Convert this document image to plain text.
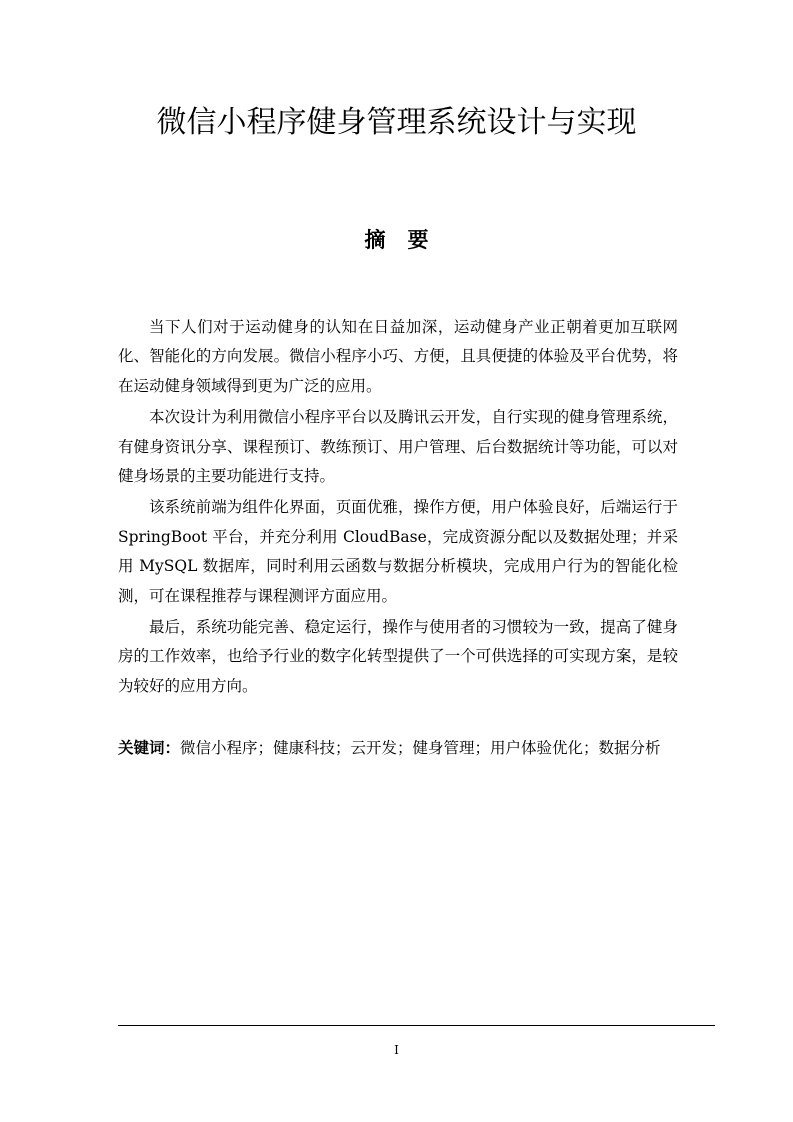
微信小程序健身管理系统设计与实现
摘 要

当下人们对于运动健身的认知在日益加深，运动健身产业正朝着更加互联网化、智能化的方向发展。微信小程序小巧、方便，且具便捷的体验及平台优势，将在运动健身领域得到更为广泛的应用。

本次设计为利用微信小程序平台以及腾讯云开发，自行实现的健身管理系统，有健身资讯分享、课程预订、教练预订、用户管理、后台数据统计等功能，可以对健身场景的主要功能进行支持。

该系统前端为组件化界面，页面优雅，操作方便，用户体验良好，后端运行于 SpringBoot 平台，并充分利用 CloudBase，完成资源分配以及数据处理；并采用 MySQL 数据库，同时利用云函数与数据分析模块，完成用户行为的智能化检测，可在课程推荐与课程测评方面应用。

最后，系统功能完善、稳定运行，操作与使用者的习惯较为一致，提高了健身房的工作效率，也给予行业的数字化转型提供了一个可供选择的可实现方案，是较为较好的应用方向。

关键词：微信小程序；健康科技；云开发；健身管理；用户体验优化；数据分析

I
